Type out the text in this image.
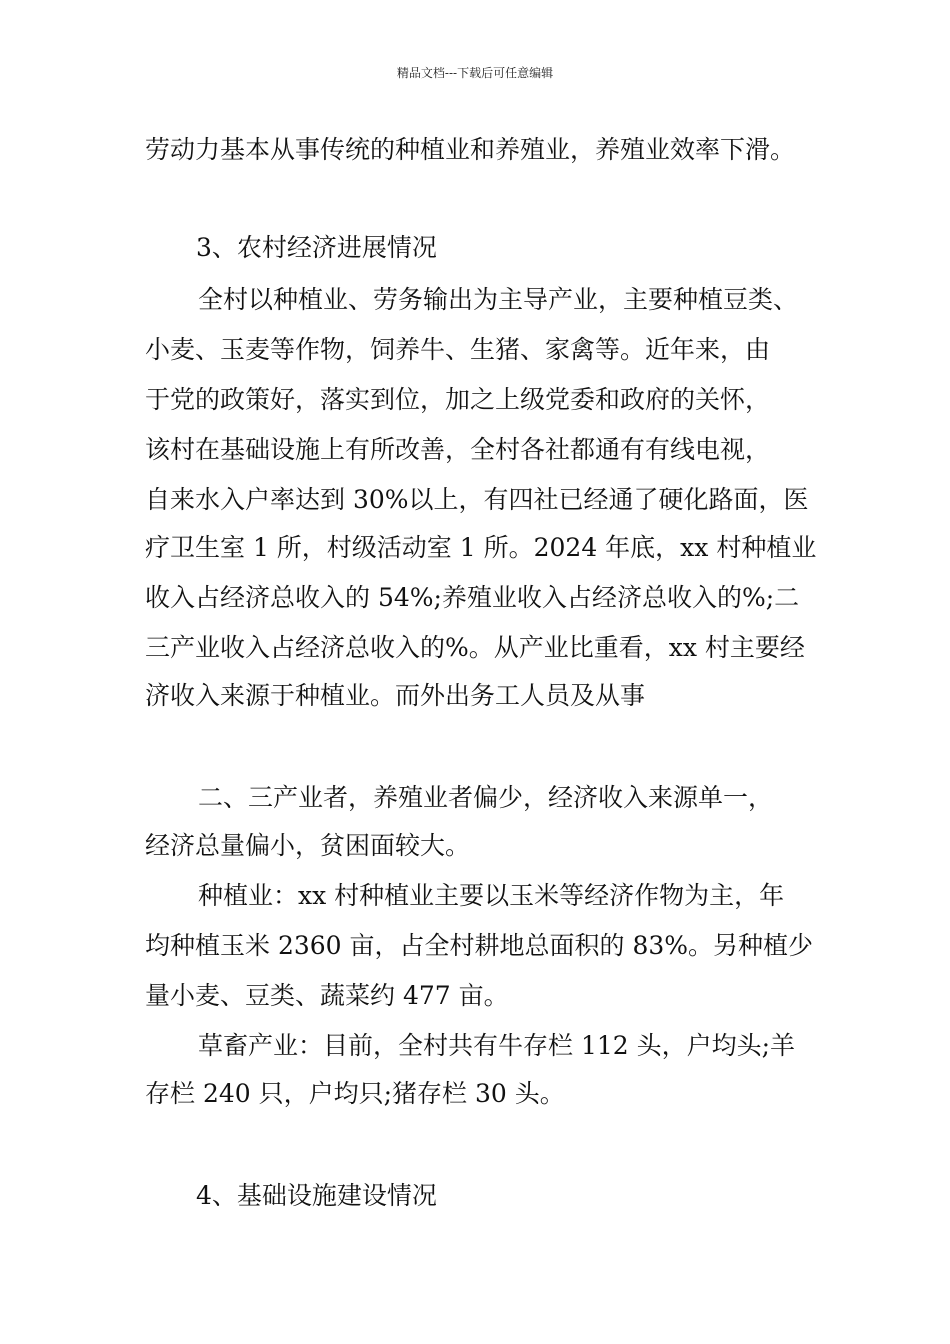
精品文档---下载后可任意编辑
劳动力基本从事传统的种植业和养殖业，养殖业效率下滑。
3、农村经济进展情况
全村以种植业、劳务输出为主导产业，主要种植豆类、
小麦、玉麦等作物，饲养牛、生猪、家禽等。近年来，由
于党的政策好，落实到位，加之上级党委和政府的关怀，
该村在基础设施上有所改善，全村各社都通有有线电视，
自来水入户率达到 30%以上，有四社已经通了硬化路面，医
疗卫生室 1 所，村级活动室 1 所。2024 年底，xx 村种植业
收入占经济总收入的 54%;养殖业收入占经济总收入的%;二
三产业收入占经济总收入的%。从产业比重看，xx 村主要经
济收入来源于种植业。而外出务工人员及从事
二、三产业者，养殖业者偏少，经济收入来源单一，
经济总量偏小，贫困面较大。
种植业：xx 村种植业主要以玉米等经济作物为主，年
均种植玉米 2360 亩，占全村耕地总面积的 83%。另种植少
量小麦、豆类、蔬菜约 477 亩。
草畜产业：目前，全村共有牛存栏 112 头，户均头;羊
存栏 240 只，户均只;猪存栏 30 头。
4、基础设施建设情况
